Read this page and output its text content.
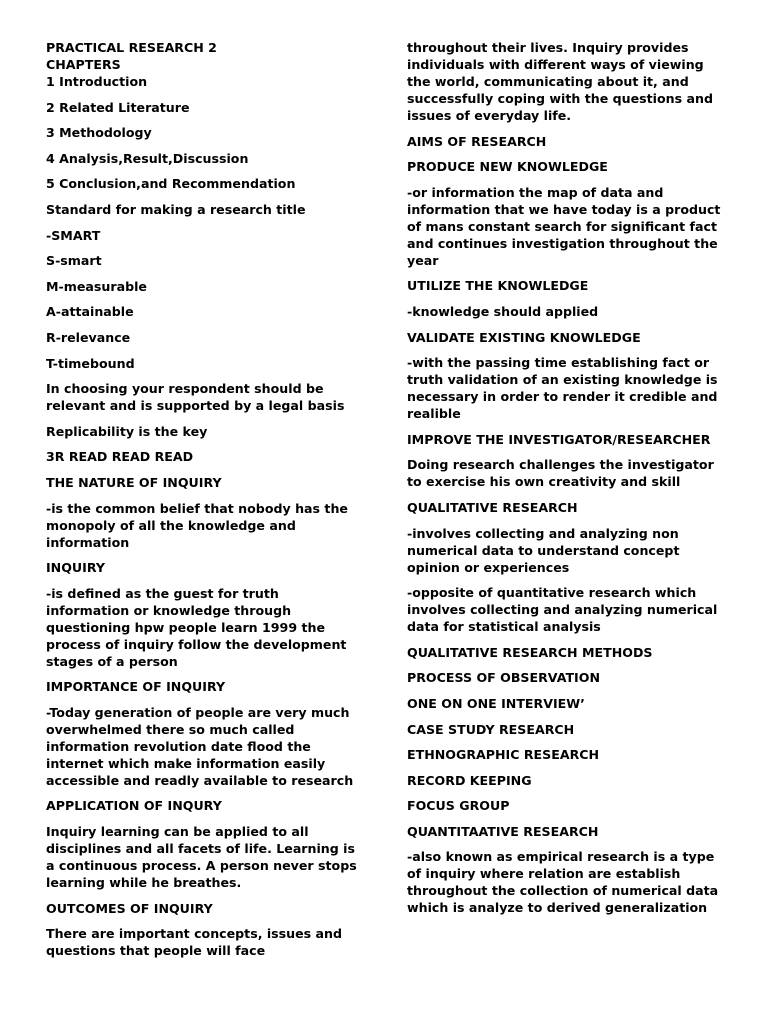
PRACTICAL RESEARCH 2

CHAPTERS

1 Introduction

2 Related Literature

3 Methodology

4 Analysis,Result,Discussion

5 Conclusion,and Recommendation

Standard for making a research title

-SMART

S-smart

M-measurable

A-attainable

R-relevance

T-timebound

In choosing your respondent should be relevant and is supported by a legal basis

Replicability is the key

3R READ READ READ

THE NATURE OF INQUIRY

-is the common belief that nobody has the monopoly of all the knowledge and information

INQUIRY

-is defined as the guest for truth information or knowledge through questioning hpw people learn 1999 the process of inquiry follow the development stages of a person

IMPORTANCE OF INQUIRY

-Today generation of people are very much overwhelmed there so much called information revolution date flood the internet which make information easily accessible and readly available to research

APPLICATION OF INQURY

Inquiry learning can be applied to all disciplines and all facets of life. Learning is a continuous process. A person never stops learning while he breathes.

OUTCOMES OF INQUIRY

There are important concepts, issues and questions that people will face

throughout their lives. Inquiry provides individuals with different ways of viewing the world, communicating about it, and successfully coping with the questions and issues of everyday life.

AIMS OF RESEARCH

PRODUCE NEW KNOWLEDGE

-or information the map of data and information that we have today is a product of mans constant search for significant fact and continues investigation throughout the year

UTILIZE THE KNOWLEDGE

-knowledge should applied

VALIDATE EXISTING KNOWLEDGE

-with the passing time establishing fact or truth validation of an existing knowledge is necessary in order to render it credible and realible

IMPROVE THE INVESTIGATOR/RESEARCHER

Doing research challenges the investigator to exercise his own creativity and skill

QUALITATIVE RESEARCH

-involves collecting and analyzing non numerical data to understand concept opinion or experiences

-opposite of quantitative research which involves collecting and analyzing numerical data for statistical analysis

QUALITATIVE RESEARCH METHODS

PROCESS OF OBSERVATION

ONE ON ONE INTERVIEW’

CASE STUDY RESEARCH

ETHNOGRAPHIC RESEARCH

RECORD KEEPING

FOCUS GROUP

QUANTITAATIVE RESEARCH

-also known as empirical research is a type of inquiry where relation are establish throughout the collection of numerical data which is analyze to derived generalization
